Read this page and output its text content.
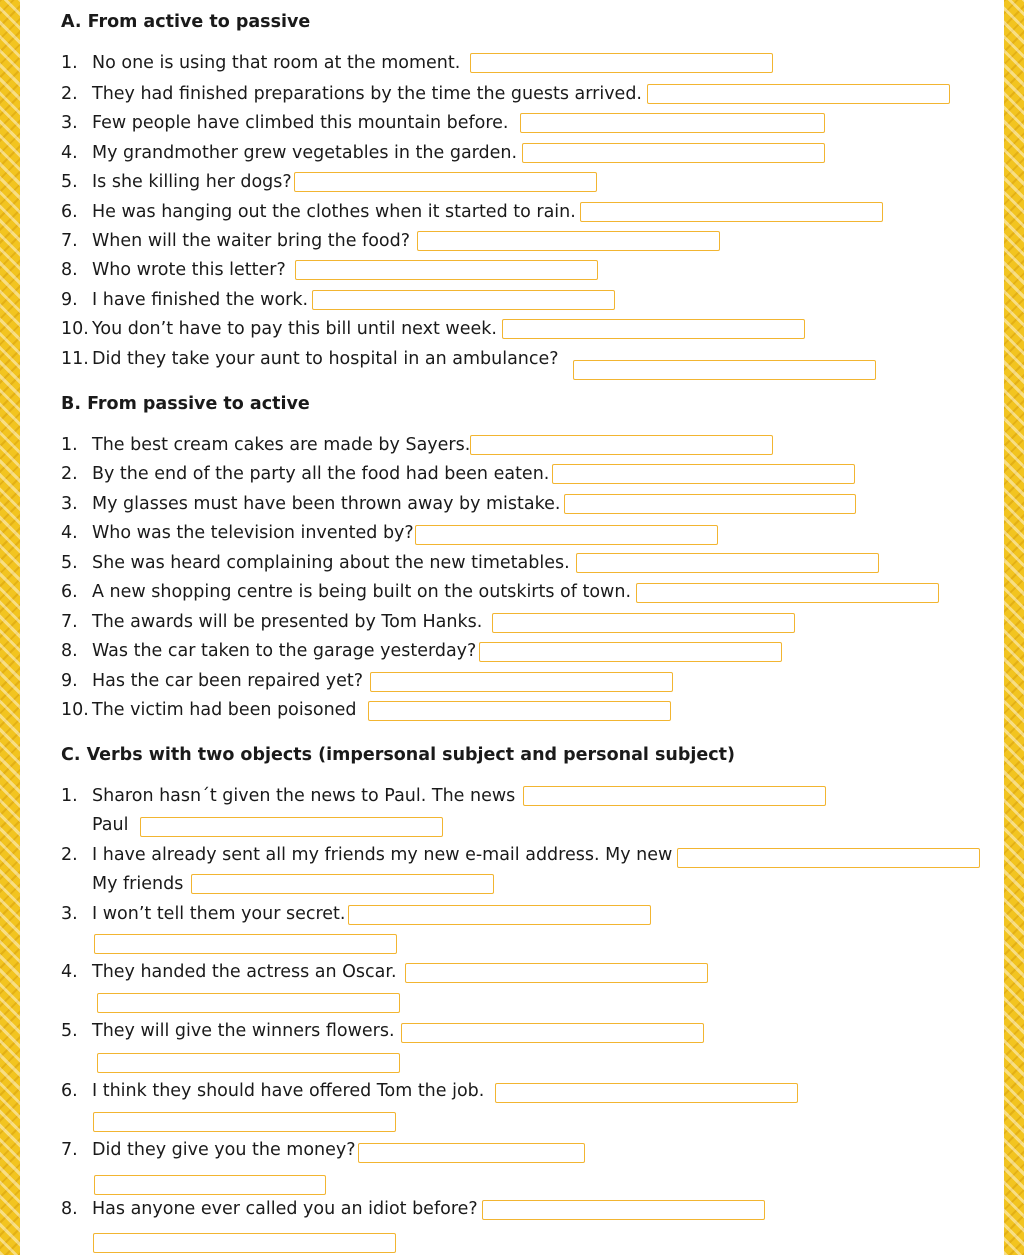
A. From active to passive
1. No one is using that room at the moment.
2. They had finished preparations by the time the guests arrived.
3. Few people have climbed this mountain before.
4. My grandmother grew vegetables in the garden.
5. Is she killing her dogs?
6. He was hanging out the clothes when it started to rain.
7. When will the waiter bring the food?
8. Who wrote this letter?
9. I have finished the work.
10. You don’t have to pay this bill until next week.
11. Did they take your aunt to hospital in an ambulance?
B. From passive to active
1. The best cream cakes are made by Sayers.
2. By the end of the party all the food had been eaten.
3. My glasses must have been thrown away by mistake.
4. Who was the television invented by?
5. She was heard complaining about the new timetables.
6. A new shopping centre is being built on the outskirts of town.
7. The awards will be presented by Tom Hanks.
8. Was the car taken to the garage yesterday?
9. Has the car been repaired yet?
10. The victim had been poisoned
C. Verbs with two objects (impersonal subject and personal subject)
1. Sharon hasn´t given the news to Paul. The news
Paul
2. I have already sent all my friends my new e-mail address. My new
My friends
3. I won’t tell them your secret.
4. They handed the actress an Oscar.
5. They will give the winners flowers.
6. I think they should have offered Tom the job.
7. Did they give you the money?
8. Has anyone ever called you an idiot before?
